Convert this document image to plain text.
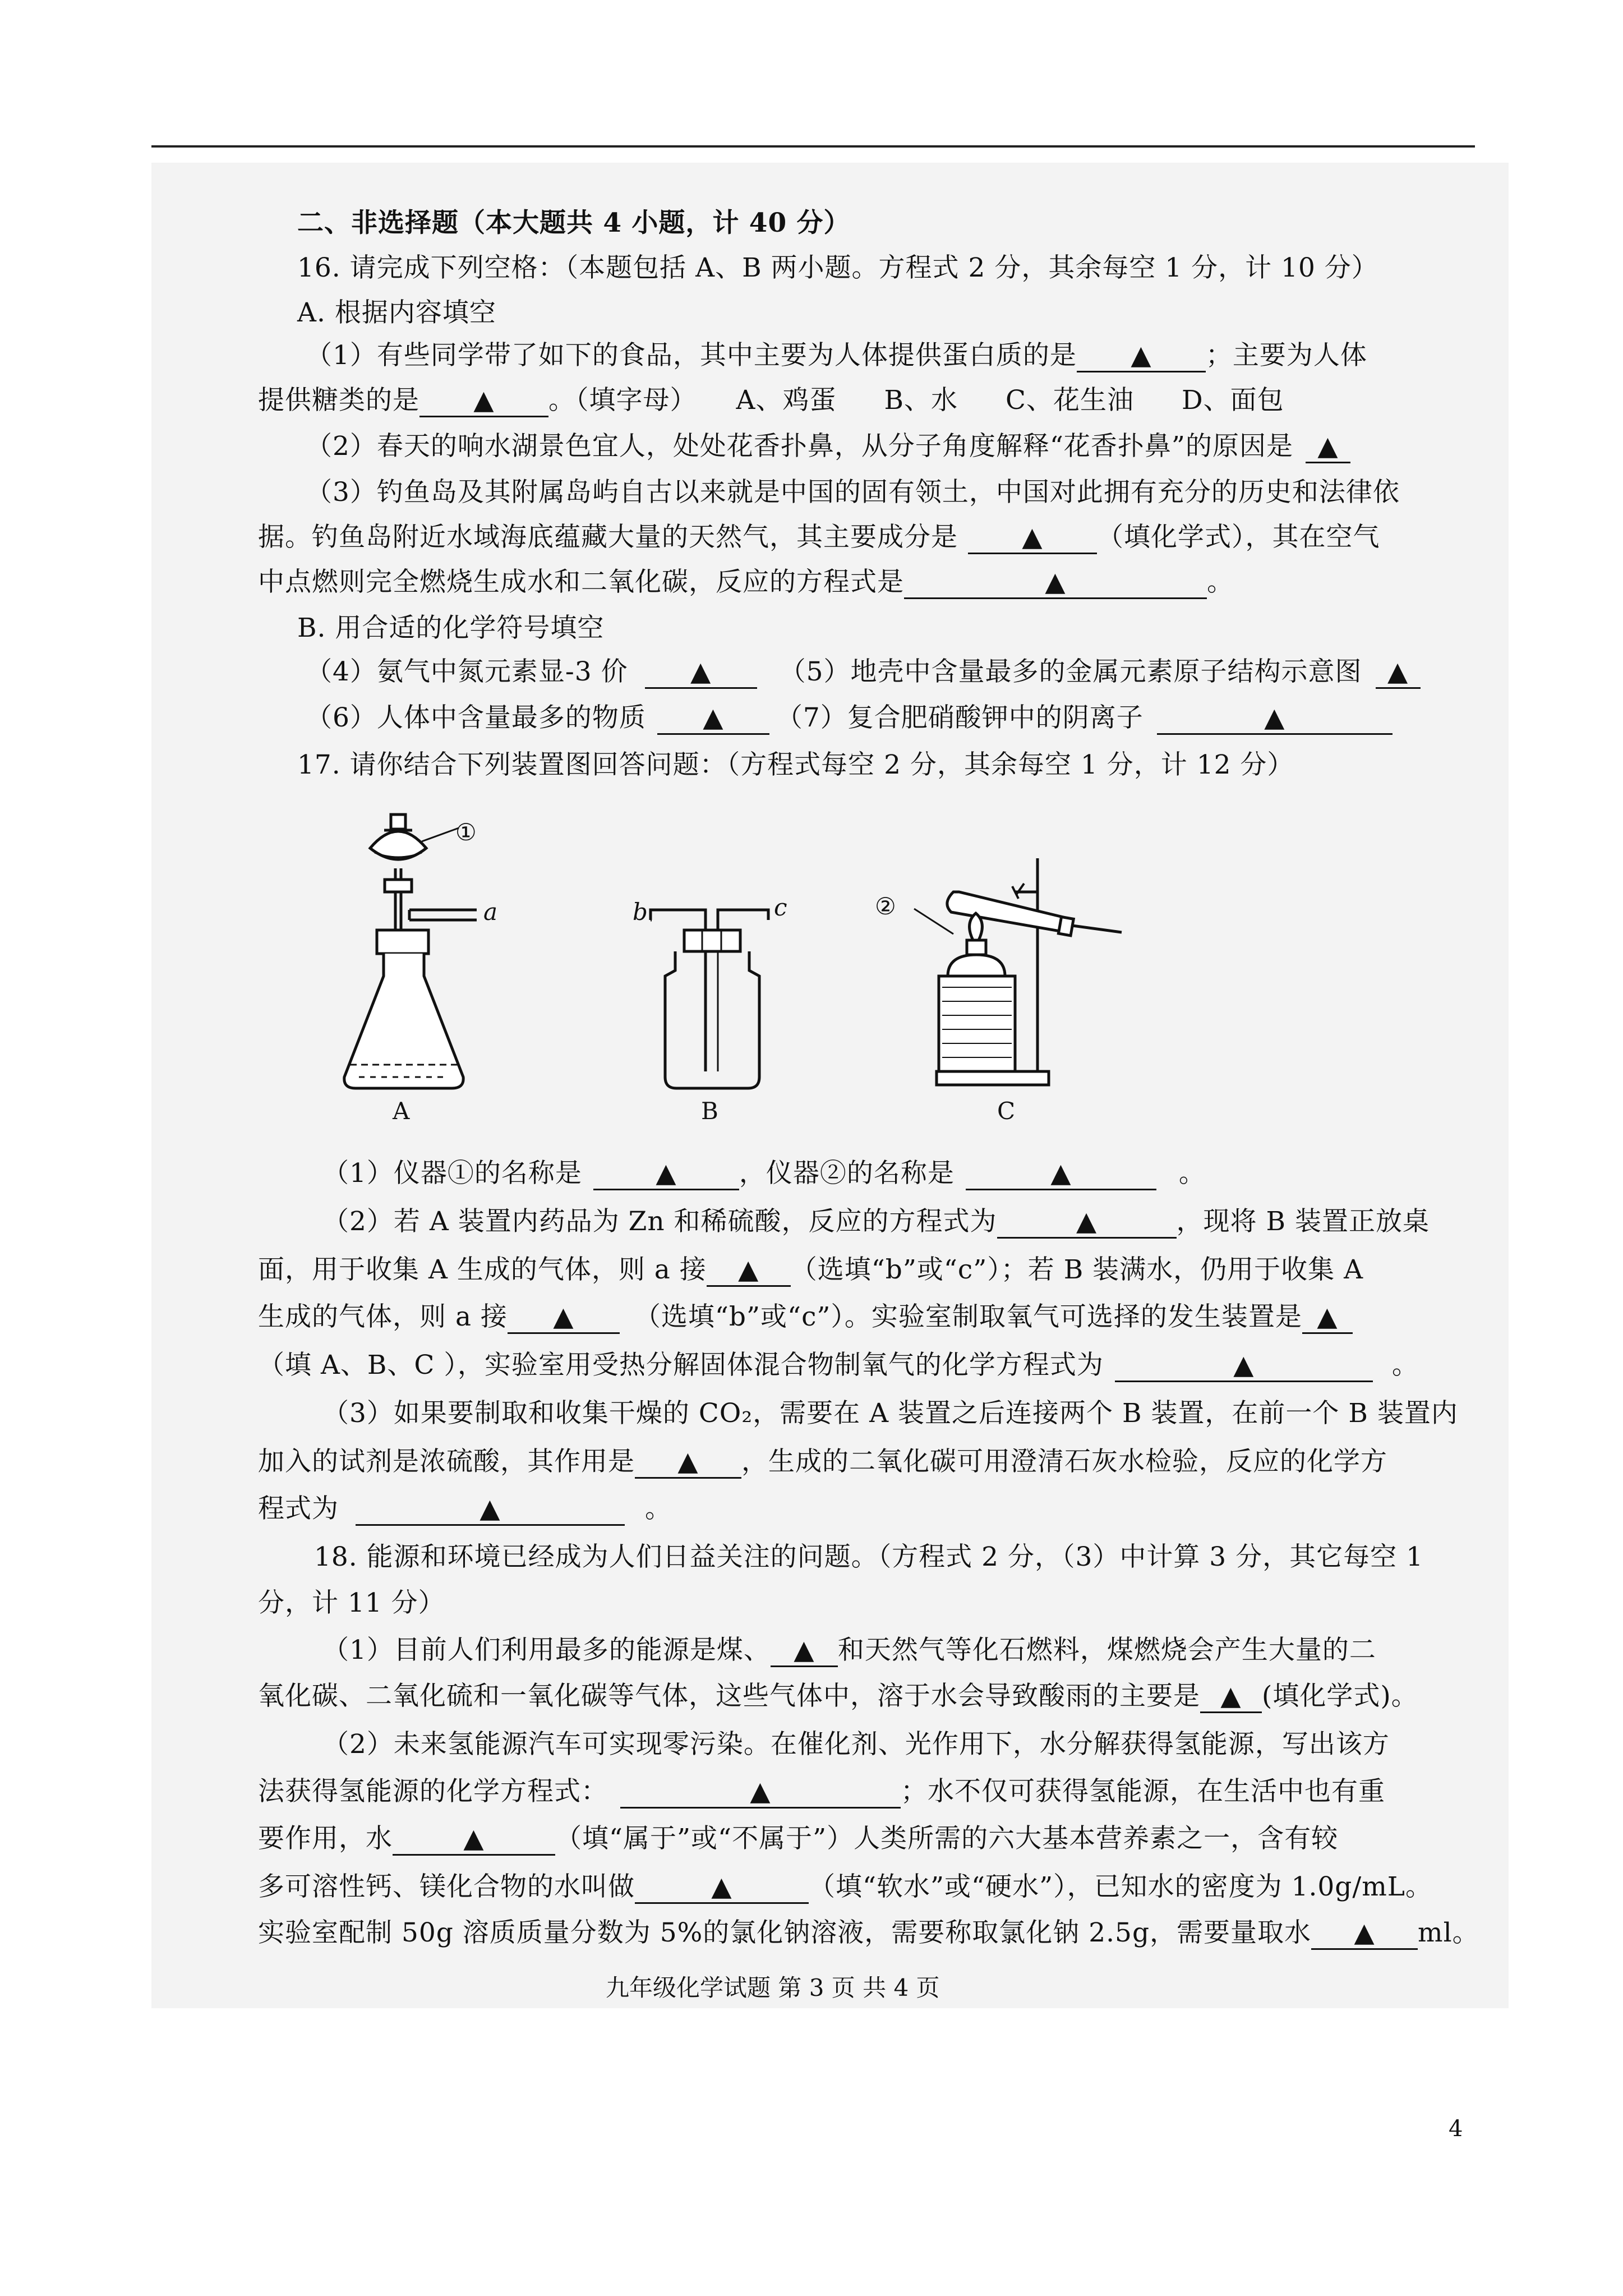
二、非选择题（本大题共 4 小题，计 40 分）
16. 请完成下列空格：（本题包括 A、B 两小题。方程式 2 分，其余每空 1 分，计 10 分）
A. 根据内容填空
（1）有些同学带了如下的食品，其中主要为人体提供蛋白质的是 ▲ ；主要为人体
提供糖类的是 ▲ 。（填字母） A、鸡蛋 B、水 C、花生油 D、面包
（2）春天的响水湖景色宜人，处处花香扑鼻，从分子角度解释“花香扑鼻”的原因是 ▲
（3）钓鱼岛及其附属岛屿自古以来就是中国的固有领土，中国对此拥有充分的历史和法律依
据。钓鱼岛附近水域海底蕴藏大量的天然气，其主要成分是 ▲ （填化学式），其在空气
中点燃则完全燃烧生成水和二氧化碳，反应的方程式是	▲	。
B. 用合适的化学符号填空
（4）氨气中氮元素显-3 价 ▲	（5）地壳中含量最多的金属元素原子结构示意图 ▲
（6）人体中含量最多的物质 ▲ （7）复合肥硝酸钾中的阴离子	▲
17. 请你结合下列装置图回答问题：（方程式每空 2 分，其余每空 1 分，计 12 分）
①
a
A
b	c
B
②
C
（1）仪器①的名称是	▲ ，仪器②的名称是	▲	。
（2）若 A 装置内药品为 Zn 和稀硫酸，反应的方程式为	▲	，现将 B 装置正放桌
面，用于收集 A 生成的气体，则 a 接 ▲ （选填“b”或“c”）；若 B 装满水，仍用于收集 A
生成的气体，则 a 接 ▲ （选填“b”或“c”）。实验室制取氧气可选择的发生装置是 ▲
（填 A、B、C ），实验室用受热分解固体混合物制氧气的化学方程式为	▲	。
（3）如果要制取和收集干燥的 CO₂，需要在 A 装置之后连接两个 B 装置，在前一个 B 装置内
加入的试剂是浓硫酸，其作用是 ▲ ，生成的二氧化碳可用澄清石灰水检验，反应的化学方
程式为	▲	。
18. 能源和环境已经成为人们日益关注的问题。（方程式 2 分，（3）中计算 3 分，其它每空 1
分，计 11 分）
（1）目前人们利用最多的能源是煤、 ▲ 和天然气等化石燃料，煤燃烧会产生大量的二
氧化碳、二氧化硫和一氧化碳等气体，这些气体中，溶于水会导致酸雨的主要是 ▲ (填化学式)。
（2）未来氢能源汽车可实现零污染。在催化剂、光作用下，水分解获得氢能源，写出该方
法获得氢能源的化学方程式：	▲	；水不仅可获得氢能源，在生活中也有重
要作用，水	▲	（填“属于”或“不属于”）人类所需的六大基本营养素之一，含有较
多可溶性钙、镁化合物的水叫做	▲	（填“软水”或“硬水”），已知水的密度为 1.0g/mL。
实验室配制 50g 溶质质量分数为 5%的氯化钠溶液，需要称取氯化钠 2.5g，需要量取水 ▲ ml。
九年级化学试题 第 3 页 共 4 页
4
